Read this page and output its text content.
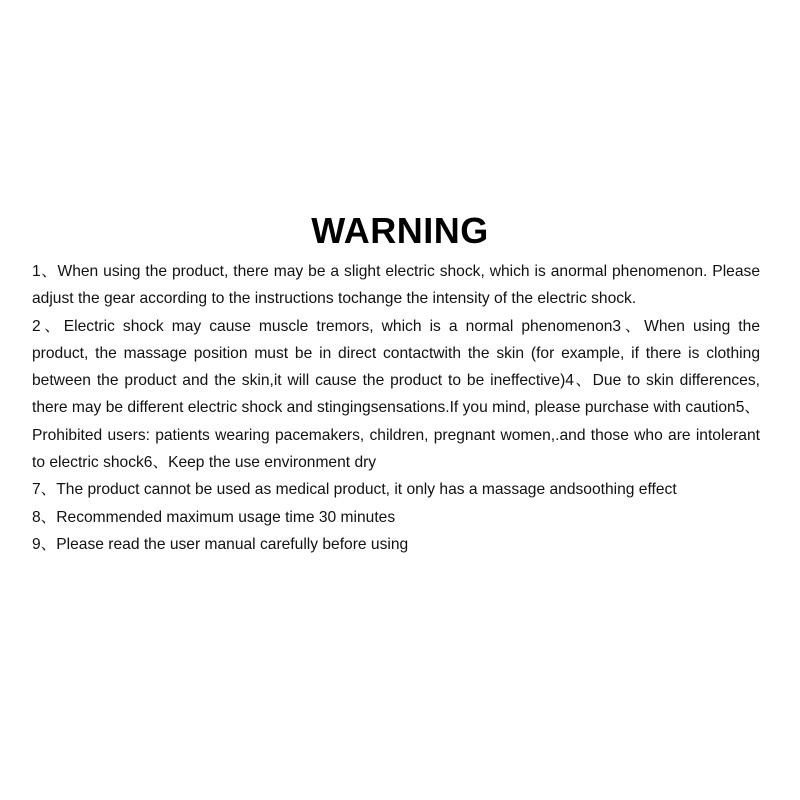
WARNING

1、When using the product, there may be a slight electric shock, which is anormal phenomenon. Please adjust the gear according to the instructions tochange the intensity of the electric shock.

2、Electric shock may cause muscle tremors, which is a normal phenomenon3、When using the product, the massage position must be in direct contactwith the skin (for example, if there is clothing between the product and the skin,it will cause the product to be ineffective)4、Due to skin differences, there may be different electric shock and stingingsensations.If you mind, please purchase with caution5、Prohibited users: patients wearing pacemakers, children, pregnant women,.and those who are intolerant to electric shock6、Keep the use environment dry

7、The product cannot be used as medical product, it only has a massage andsoothing effect

8、Recommended maximum usage time 30 minutes

9、Please read the user manual carefully before using
